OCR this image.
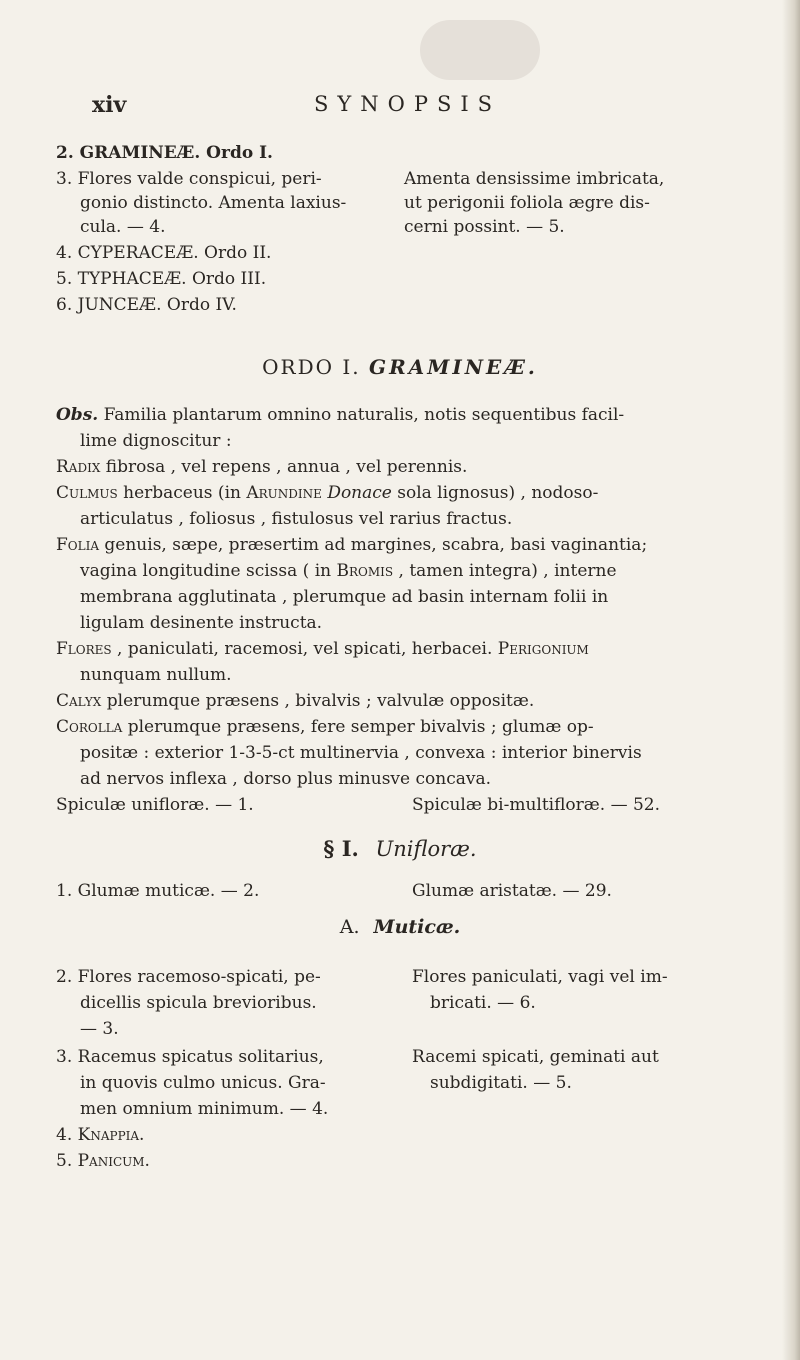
xiv	SYNOPSIS
2. GRAMINEÆ. Ordo I.
3. Flores valde conspicui, peri-	Amenta densissime imbricata,
gonio distincto. Amenta laxius-	ut perigonii foliola ægre dis-
cula. — 4.	cerni possint. — 5.
4. CYPERACEÆ. Ordo II.
5. TYPHACEÆ. Ordo III.
6. JUNCEÆ. Ordo IV.
ORDO I. GRAMINEÆ.
Obs. Familia plantarum omnino naturalis, notis sequentibus facil-
lime dignoscitur :
Radix fibrosa , vel repens , annua , vel perennis.
Culmus herbaceus (in Arundine Donace sola lignosus) , nodoso-
articulatus , foliosus , fistulosus vel rarius fractus.
Folia genuis, sæpe, præsertim ad margines, scabra, basi vaginantia;
vagina longitudine scissa ( in Bromis , tamen integra) , interne
membrana agglutinata , plerumque ad basin internam folii in
ligulam desinente instructa.
Flores , paniculati, racemosi, vel spicati, herbacei. Perigonium
nunquam nullum.
Calyx plerumque præsens , bivalvis ; valvulæ oppositæ.
Corolla plerumque præsens, fere semper bivalvis ; glumæ op-
positæ : exterior 1-3-5-ct multinervia , convexa : interior binervis
ad nervos inflexa , dorso plus minusve concava.
Spiculæ unifloræ. — 1.	Spiculæ bi-multifloræ. — 52.
§ I. Unifloræ.
1. Glumæ muticæ. — 2.	Glumæ aristatæ. — 29.
A. Muticæ.
2. Flores racemoso-spicati, pe-	Flores paniculati, vagi vel im-
dicellis spicula brevioribus.	bricati. — 6.
— 3.
3. Racemus spicatus solitarius,	Racemi spicati, geminati aut
in quovis culmo unicus. Gra-	subdigitati. — 5.
men omnium minimum. — 4.
4. Knappia.
5. Panicum.
